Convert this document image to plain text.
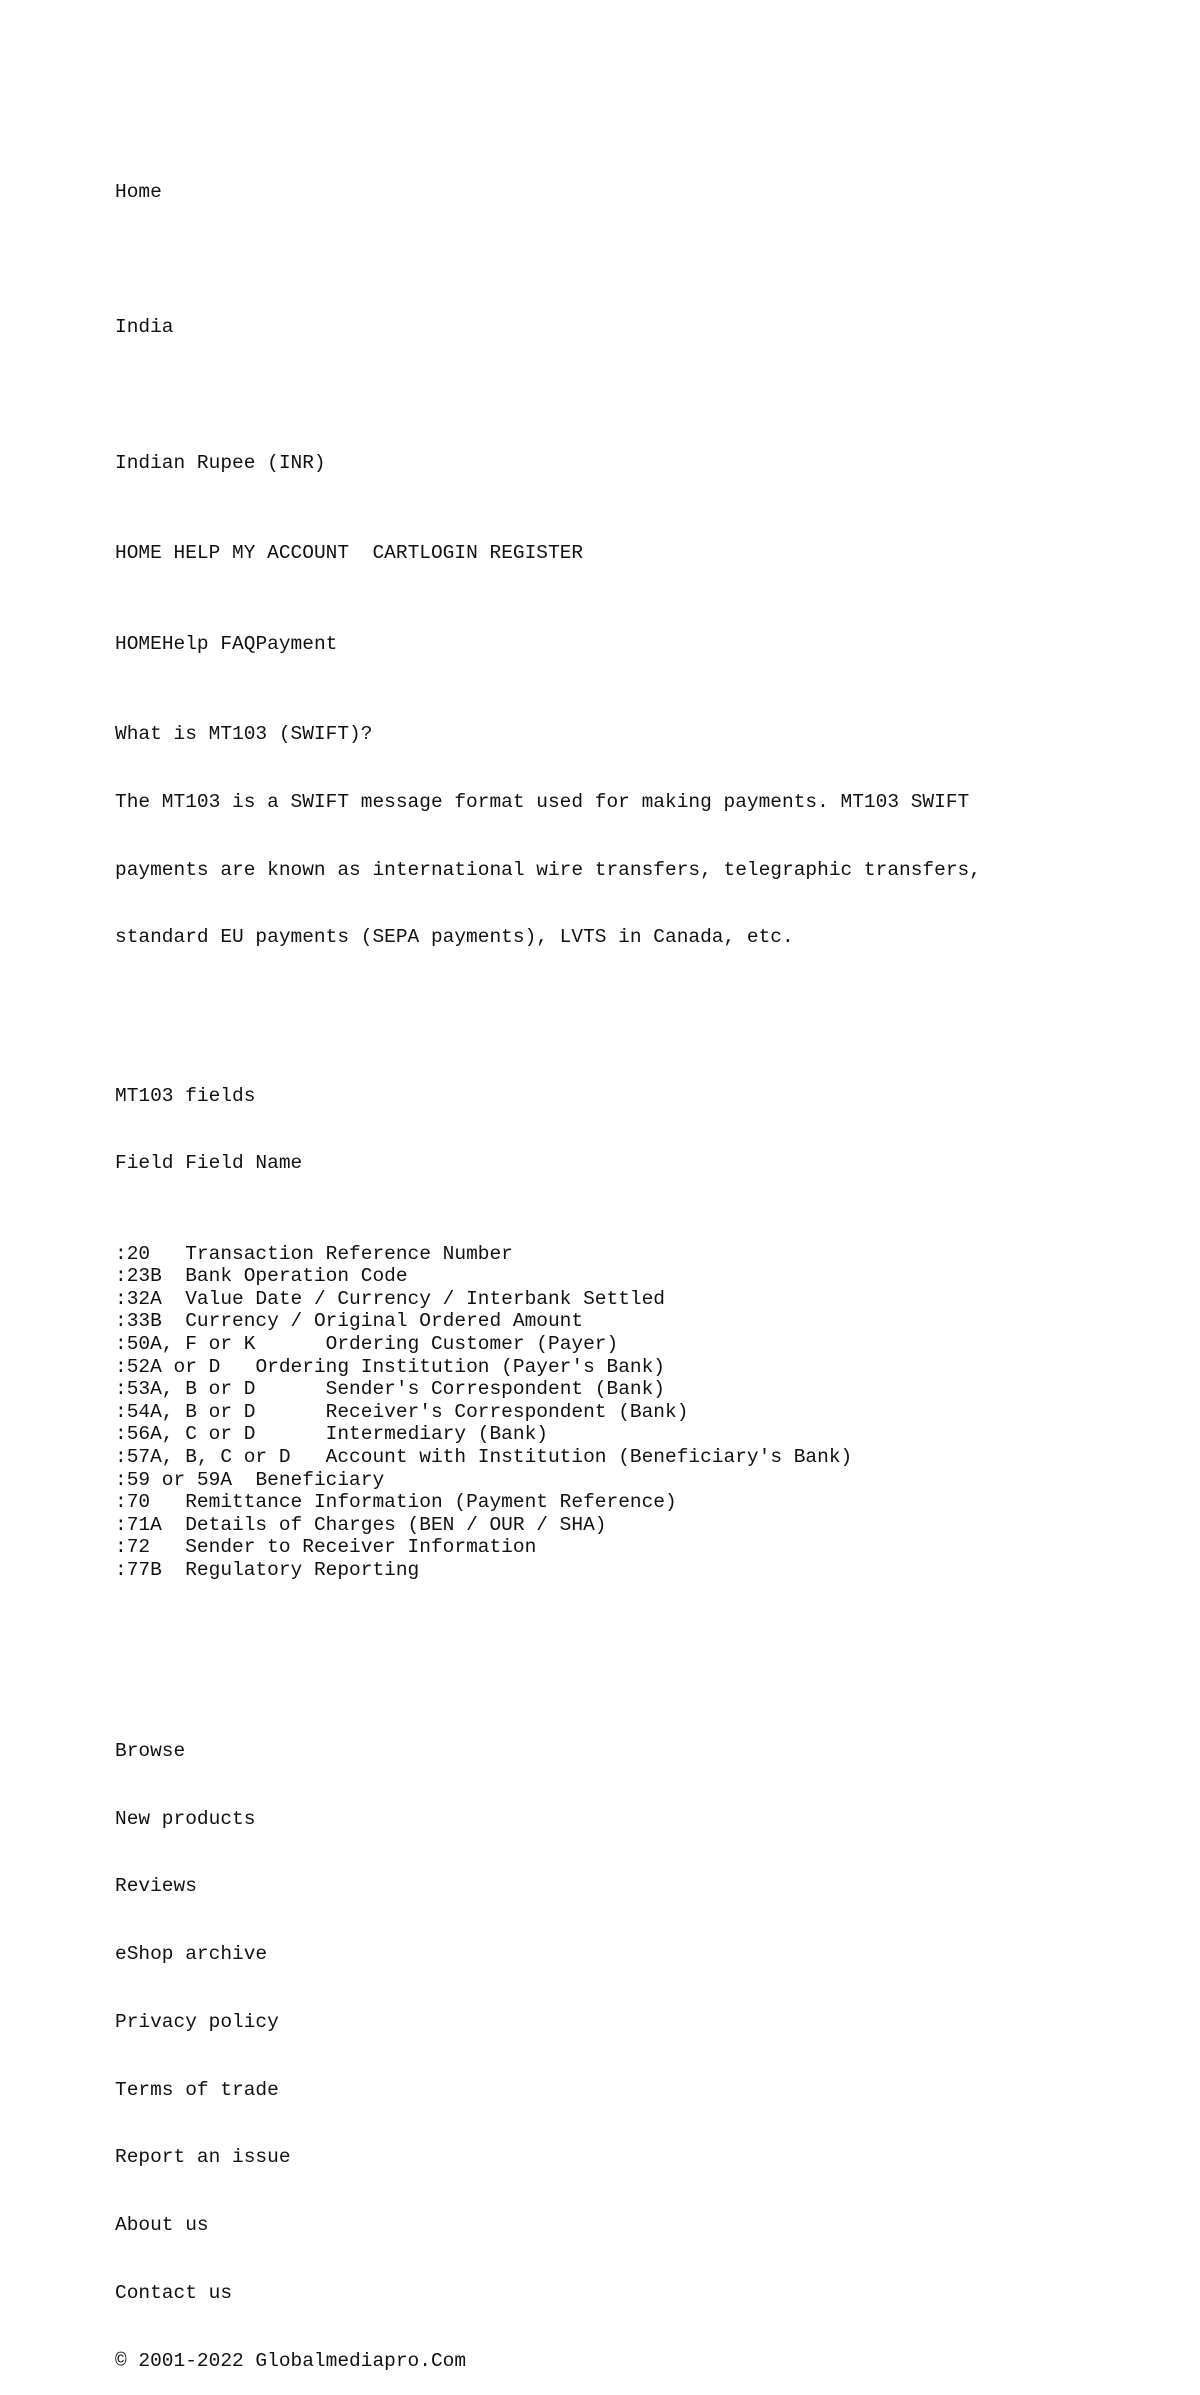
Home

India

Indian Rupee (INR)

HOME HELP MY ACCOUNT CARTLOGIN REGISTER

HOMEHelp FAQPayment

What is MT103 (SWIFT)?

The MT103 is a SWIFT message format used for making payments. MT103 SWIFT

payments are known as international wire transfers, telegraphic transfers,

standard EU payments (SEPA payments), LVTS in Canada, etc.

MT103 fields

Field Field Name

:20 Transaction Reference Number
:23B Bank Operation Code
:32A Value Date / Currency / Interbank Settled
:33B Currency / Original Ordered Amount
:50A, F or K	Ordering Customer (Payer)
:52A or D Ordering Institution (Payer's Bank)
:53A, B or D	Sender's Correspondent (Bank)
:54A, B or D	Receiver's Correspondent (Bank)
:56A, C or D	Intermediary (Bank)
:57A, B, C or D Account with Institution (Beneficiary's Bank)
:59 or 59A Beneficiary
:70 Remittance Information (Payment Reference)
:71A Details of Charges (BEN / OUR / SHA)
:72 Sender to Receiver Information
:77B Regulatory Reporting

Browse

New products

Reviews

eShop archive

Privacy policy

Terms of trade

Report an issue

About us

Contact us

© 2001-2022 Globalmediapro.Com
